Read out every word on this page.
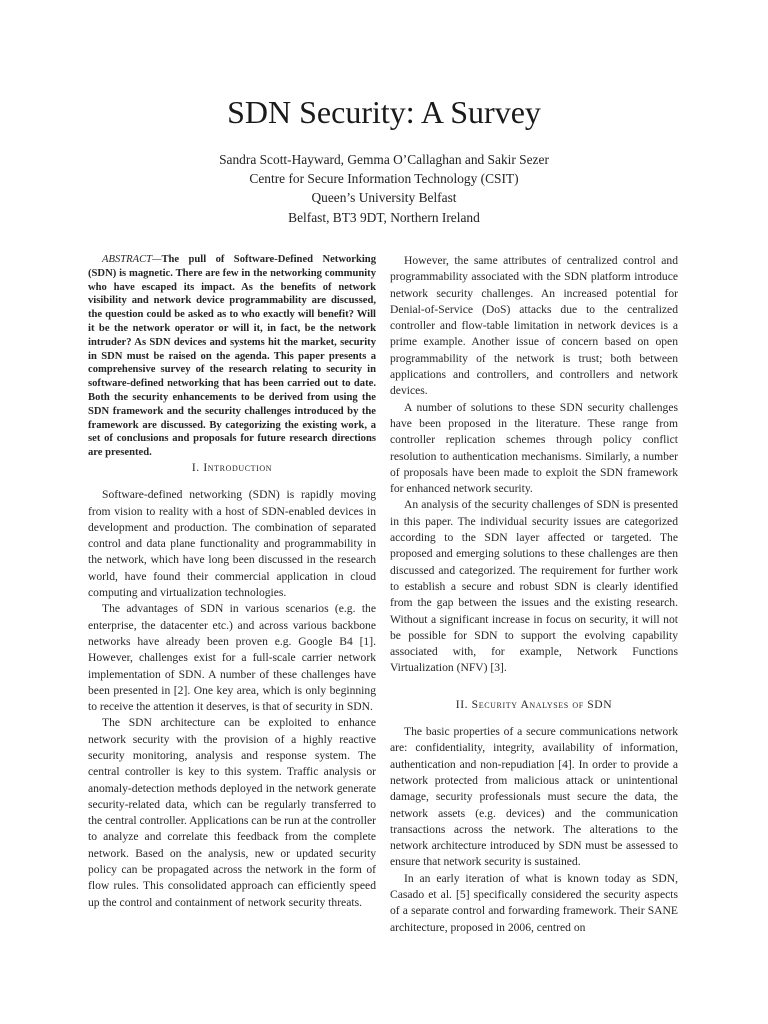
SDN Security: A Survey
Sandra Scott-Hayward, Gemma O’Callaghan and Sakir Sezer
Centre for Secure Information Technology (CSIT)
Queen’s University Belfast
Belfast, BT3 9DT, Northern Ireland

ABSTRACT—The pull of Software-Defined Networking (SDN) is magnetic. There are few in the networking community who have escaped its impact. As the benefits of network visibility and network device programmability are discussed, the question could be asked as to who exactly will benefit? Will it be the network operator or will it, in fact, be the network intruder? As SDN devices and systems hit the market, security in SDN must be raised on the agenda. This paper presents a comprehensive survey of the research relating to security in software-defined networking that has been carried out to date. Both the security enhancements to be derived from using the SDN framework and the security challenges introduced by the framework are discussed. By categorizing the existing work, a set of conclusions and proposals for future research directions are presented.

I. Introduction

Software-defined networking (SDN) is rapidly moving from vision to reality with a host of SDN-enabled devices in development and production. The combination of separated control and data plane functionality and programmability in the network, which have long been discussed in the research world, have found their commercial application in cloud computing and virtualization technologies.

The advantages of SDN in various scenarios (e.g. the enterprise, the datacenter etc.) and across various backbone networks have already been proven e.g. Google B4 [1]. However, challenges exist for a full-scale carrier network implementation of SDN. A number of these challenges have been presented in [2]. One key area, which is only beginning to receive the attention it deserves, is that of security in SDN.

The SDN architecture can be exploited to enhance network security with the provision of a highly reactive security monitoring, analysis and response system. The central controller is key to this system. Traffic analysis or anomaly-detection methods deployed in the network generate security-related data, which can be regularly transferred to the central controller. Applications can be run at the controller to analyze and correlate this feedback from the complete network. Based on the analysis, new or updated security policy can be propagated across the network in the form of flow rules. This consolidated approach can efficiently speed up the control and containment of network security threats.

However, the same attributes of centralized control and programmability associated with the SDN platform introduce network security challenges. An increased potential for Denial-of-Service (DoS) attacks due to the centralized controller and flow-table limitation in network devices is a prime example. Another issue of concern based on open programmability of the network is trust; both between applications and controllers, and controllers and network devices.

A number of solutions to these SDN security challenges have been proposed in the literature. These range from controller replication schemes through policy conflict resolution to authentication mechanisms. Similarly, a number of proposals have been made to exploit the SDN framework for enhanced network security.

An analysis of the security challenges of SDN is presented in this paper. The individual security issues are categorized according to the SDN layer affected or targeted. The proposed and emerging solutions to these challenges are then discussed and categorized. The requirement for further work to establish a secure and robust SDN is clearly identified from the gap between the issues and the existing research. Without a significant increase in focus on security, it will not be possible for SDN to support the evolving capability associated with, for example, Network Functions Virtualization (NFV) [3].

II. Security Analyses of SDN

The basic properties of a secure communications network are: confidentiality, integrity, availability of information, authentication and non-repudiation [4]. In order to provide a network protected from malicious attack or unintentional damage, security professionals must secure the data, the network assets (e.g. devices) and the communication transactions across the network. The alterations to the network architecture introduced by SDN must be assessed to ensure that network security is sustained.

In an early iteration of what is known today as SDN, Casado et al. [5] specifically considered the security aspects of a separate control and forwarding framework. Their SANE architecture, proposed in 2006, centred on
